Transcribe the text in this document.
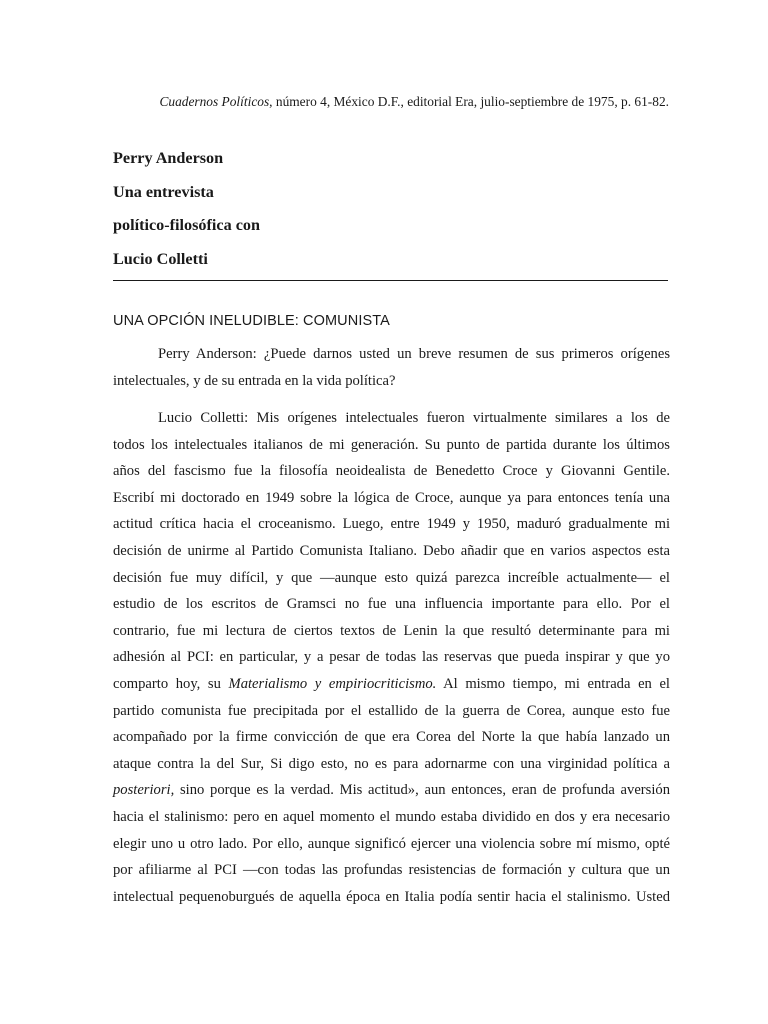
Cuadernos Políticos, número 4, México D.F., editorial Era, julio-septiembre de 1975, p. 61-82.
Perry Anderson
Una entrevista
político-filosófica con
Lucio Colletti
UNA OPCIÓN INELUDIBLE: COMUNISTA
Perry Anderson: ¿Puede darnos usted un breve resumen de sus primeros orígenes
intelectuales, y de su entrada en la vida política?
Lucio Colletti: Mis orígenes intelectuales fueron virtualmente similares a los de
todos los intelectuales italianos de mi generación. Su punto de partida durante los últimos
años del fascismo fue la filosofía neoidealista de Benedetto Croce y Giovanni Gentile.
Escribí mi doctorado en 1949 sobre la lógica de Croce, aunque ya para entonces tenía una
actitud crítica hacia el croceanismo. Luego, entre 1949 y 1950, maduró gradualmente mi
decisión de unirme al Partido Comunista Italiano. Debo añadir que en varios aspectos esta
decisión fue muy difícil, y que —aunque esto quizá parezca increíble actualmente— el
estudio de los escritos de Gramsci no fue una influencia importante para ello. Por el
contrario, fue mi lectura de ciertos textos de Lenin la que resultó determinante para mi
adhesión al PCI: en particular, y a pesar de todas las reservas que pueda inspirar y que yo
comparto hoy, su Materialismo y empiriocriticismo. Al mismo tiempo, mi entrada en el
partido comunista fue precipitada por el estallido de la guerra de Corea, aunque esto fue
acompañado por la firme convicción de que era Corea del Norte la que había lanzado un
ataque contra la del Sur, Si digo esto, no es para adornarme con una virginidad política a
posteriori, sino porque es la verdad. Mis actitud», aun entonces, eran de profunda aversión
hacia el stalinismo: pero en aquel momento el mundo estaba dividido en dos y era necesario
elegir uno u otro lado. Por ello, aunque significó ejercer una violencia sobre mí mismo, opté
por afiliarme al PCI —con todas las profundas resistencias de formación y cultura que un
intelectual pequenoburgués de aquella época en Italia podía sentir hacia el stalinismo. Usted
